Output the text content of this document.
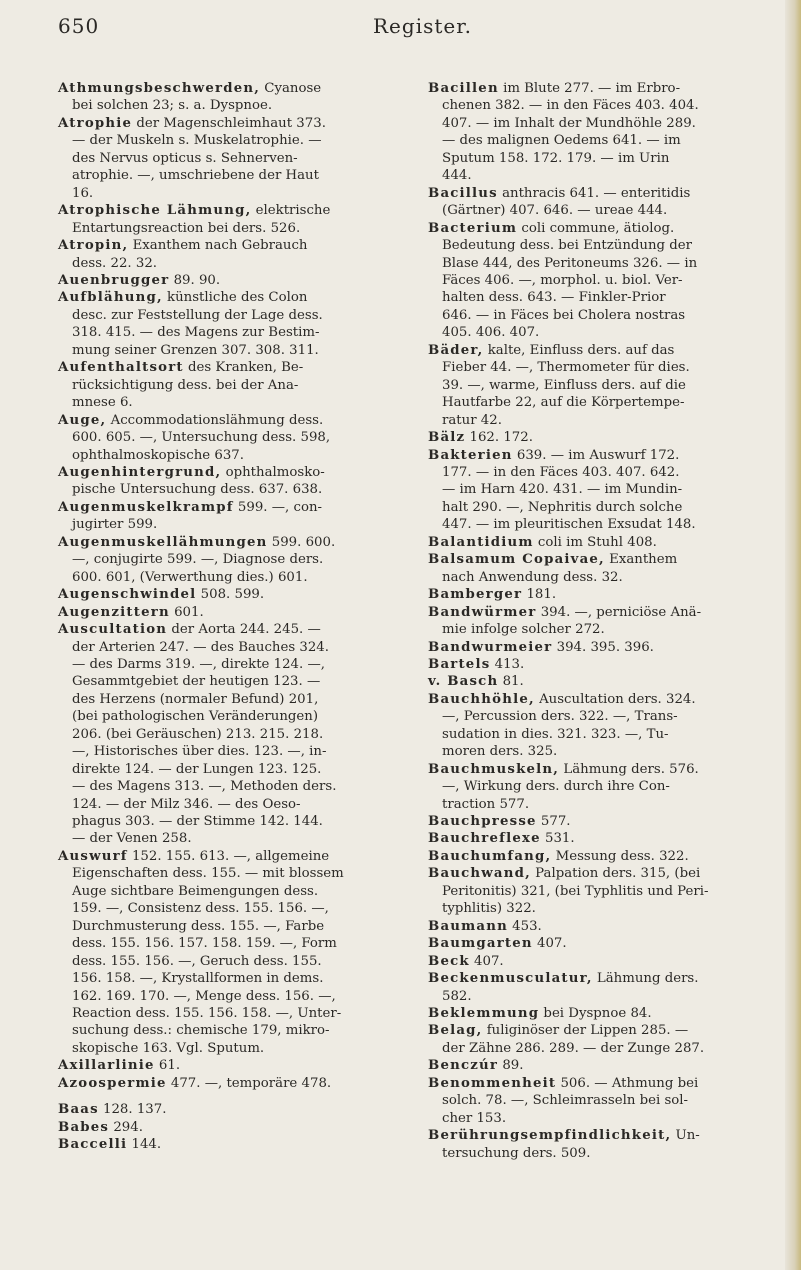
650	Register.
Athmungsbeschwerden, Cyanose
bei solchen 23; s. a. Dyspnoe.
Atrophie der Magenschleimhaut 373.
— der Muskeln s. Muskelatrophie. —
des Nervus opticus s. Sehnerven-
atrophie. —, umschriebene der Haut
16.
Atrophische Lähmung, elektrische
Entartungsreaction bei ders. 526.
Atropin, Exanthem nach Gebrauch
dess. 22. 32.
Auenbrugger 89. 90.
Aufblähung, künstliche des Colon
desc. zur Feststellung der Lage dess.
318. 415. — des Magens zur Bestim-
mung seiner Grenzen 307. 308. 311.
Aufenthaltsort des Kranken, Be-
rücksichtigung dess. bei der Ana-
mnese 6.
Auge, Accommodationslähmung dess.
600. 605. —, Untersuchung dess. 598,
ophthalmoskopische 637.
Augenhintergrund, ophthalmosko-
pische Untersuchung dess. 637. 638.
Augenmuskelkrampf 599. —, con-
jugirter 599.
Augenmuskellähmungen 599. 600.
—, conjugirte 599. —, Diagnose ders.
600. 601, (Verwerthung dies.) 601.
Augenschwindel 508. 599.
Augenzittern 601.
Auscultation der Aorta 244. 245. —
der Arterien 247. — des Bauches 324.
— des Darms 319. —, direkte 124. —,
Gesammtgebiet der heutigen 123. —
des Herzens (normaler Befund) 201,
(bei pathologischen Veränderungen)
206. (bei Geräuschen) 213. 215. 218.
—, Historisches über dies. 123. —, in-
direkte 124. — der Lungen 123. 125.
— des Magens 313. —, Methoden ders.
124. — der Milz 346. — des Oeso-
phagus 303. — der Stimme 142. 144.
— der Venen 258.
Auswurf 152. 155. 613. —, allgemeine
Eigenschaften dess. 155. — mit blossem
Auge sichtbare Beimengungen dess.
159. —, Consistenz dess. 155. 156. —,
Durchmusterung dess. 155. —, Farbe
dess. 155. 156. 157. 158. 159. —, Form
dess. 155. 156. —, Geruch dess. 155.
156. 158. —, Krystallformen in dems.
162. 169. 170. —, Menge dess. 156. —,
Reaction dess. 155. 156. 158. —, Unter-
suchung dess.: chemische 179, mikro-
skopische 163. Vgl. Sputum.
Axillarlinie 61.
Azoospermie 477. —, temporäre 478.
Baas 128. 137.
Babes 294.
Baccelli 144.
Bacillen im Blute 277. — im Erbro-
chenen 382. — in den Fäces 403. 404.
407. — im Inhalt der Mundhöhle 289.
— des malignen Oedems 641. — im
Sputum 158. 172. 179. — im Urin
444.
Bacillus anthracis 641. — enteritidis
(Gärtner) 407. 646. — ureae 444.
Bacterium coli commune, ätiolog.
Bedeutung dess. bei Entzündung der
Blase 444, des Peritoneums 326. — in
Fäces 406. —, morphol. u. biol. Ver-
halten dess. 643. — Finkler-Prior
646. — in Fäces bei Cholera nostras
405. 406. 407.
Bäder, kalte, Einfluss ders. auf das
Fieber 44. —, Thermometer für dies.
39. —, warme, Einfluss ders. auf die
Hautfarbe 22, auf die Körpertempe-
ratur 42.
Bälz 162. 172.
Bakterien 639. — im Auswurf 172.
177. — in den Fäces 403. 407. 642.
— im Harn 420. 431. — im Mundin-
halt 290. —, Nephritis durch solche
447. — im pleuritischen Exsudat 148.
Balantidium coli im Stuhl 408.
Balsamum Copaivae, Exanthem
nach Anwendung dess. 32.
Bamberger 181.
Bandwürmer 394. —, perniciöse Anä-
mie infolge solcher 272.
Bandwurmeier 394. 395. 396.
Bartels 413.
v. Basch 81.
Bauchhöhle, Auscultation ders. 324.
—, Percussion ders. 322. —, Trans-
sudation in dies. 321. 323. —, Tu-
moren ders. 325.
Bauchmuskeln, Lähmung ders. 576.
—, Wirkung ders. durch ihre Con-
traction 577.
Bauchpresse 577.
Bauchreflexe 531.
Bauchumfang, Messung dess. 322.
Bauchwand, Palpation ders. 315, (bei
Peritonitis) 321, (bei Typhlitis und Peri-
typhlitis) 322.
Baumann 453.
Baumgarten 407.
Beck 407.
Beckenmusculatur, Lähmung ders.
582.
Beklemmung bei Dyspnoe 84.
Belag, fuliginöser der Lippen 285. —
der Zähne 286. 289. — der Zunge 287.
Benczúr 89.
Benommenheit 506. — Athmung bei
solch. 78. —, Schleimrasseln bei sol-
cher 153.
Berührungsempfindlichkeit, Un-
tersuchung ders. 509.
